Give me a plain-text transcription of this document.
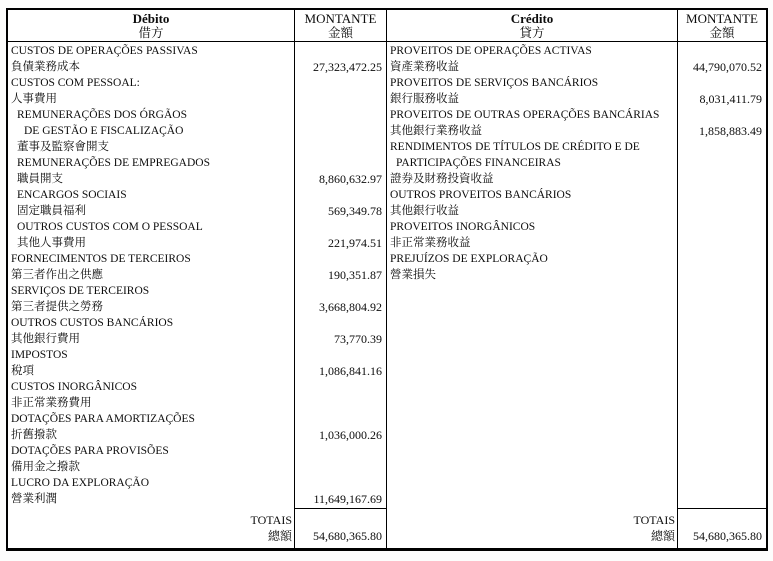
Débito
借方
MONTANTE
金額
Crédito
貸方
MONTANTE
金額
CUSTOS DE OPERAÇÕES PASSIVAS
負債業務成本
CUSTOS COM PESSOAL:
人事費用
REMUNERAÇÕES DOS ÓRGÃOS
DE GESTÃO E FISCALIZAÇÃO
董事及監察會開支
REMUNERAÇÕES DE EMPREGADOS
職員開支
ENCARGOS SOCIAIS
固定職員福利
OUTROS CUSTOS COM O PESSOAL
其他人事費用
FORNECIMENTOS DE TERCEIROS
第三者作出之供應
SERVIÇOS DE TERCEIROS
第三者提供之勞務
OUTROS CUSTOS BANCÁRIOS
其他銀行費用
IMPOSTOS
稅項
CUSTOS INORGÂNICOS
非正常業務費用
DOTAÇÕES PARA AMORTIZAÇÕES
折舊撥款
DOTAÇÕES PARA PROVISÕES
備用金之撥款
LUCRO DA EXPLORAÇÃO
營業利潤
TOTAIS
總額
27,323,472.25
8,860,632.97
569,349.78
221,974.51
190,351.87
3,668,804.92
73,770.39
1,086,841.16
1,036,000.26
11,649,167.69
54,680,365.80
PROVEITOS DE OPERAÇÕES ACTIVAS
資產業務收益
PROVEITOS DE SERVIÇOS BANCÁRIOS
銀行服務收益
PROVEITOS DE OUTRAS OPERAÇÕES BANCÁRIAS
其他銀行業務收益
RENDIMENTOS DE TÍTULOS DE CRÉDITO E DE
PARTICIPAÇÕES FINANCEIRAS
證券及財務投資收益
OUTROS PROVEITOS BANCÁRIOS
其他銀行收益
PROVEITOS INORGÂNICOS
非正常業務收益
PREJUÍZOS DE EXPLORAÇÃO
營業損失
TOTAIS
總額
44,790,070.52
8,031,411.79
1,858,883.49
54,680,365.80
